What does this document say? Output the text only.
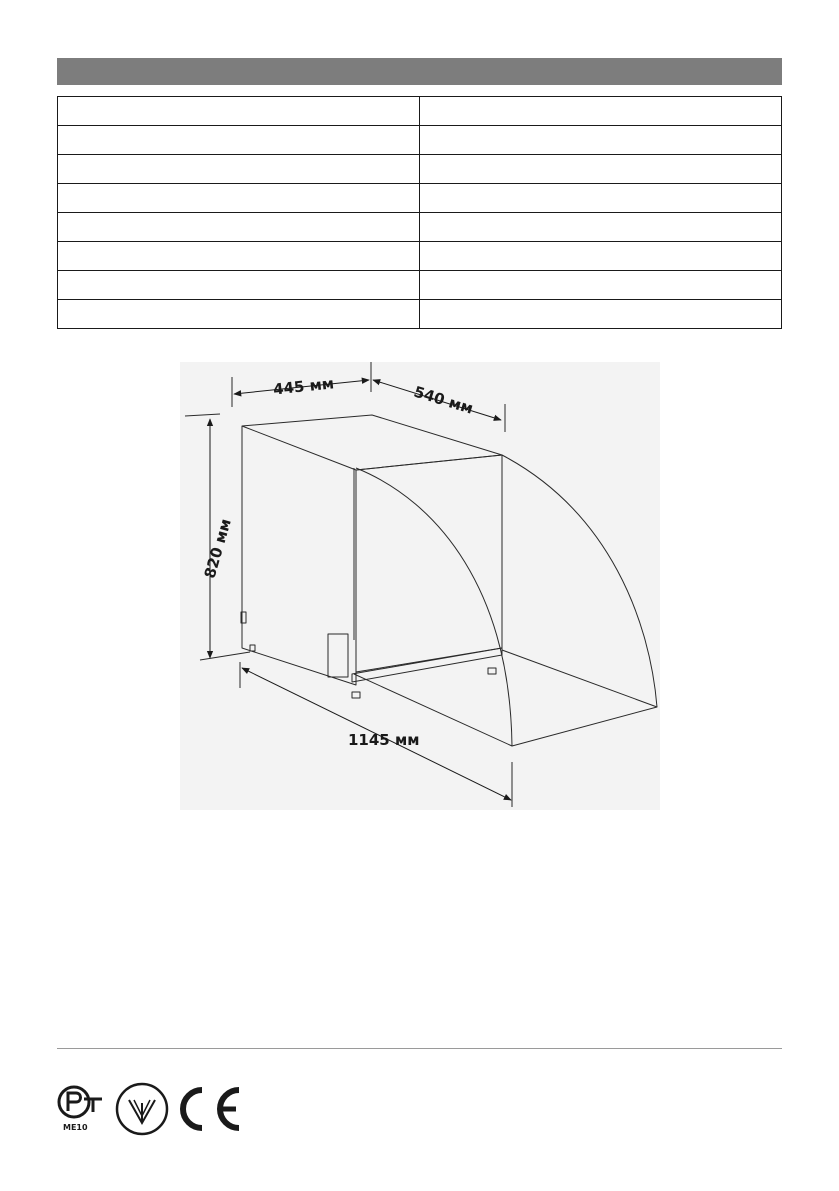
445 мм	540 мм
820 мм
1145 мм
ME10
